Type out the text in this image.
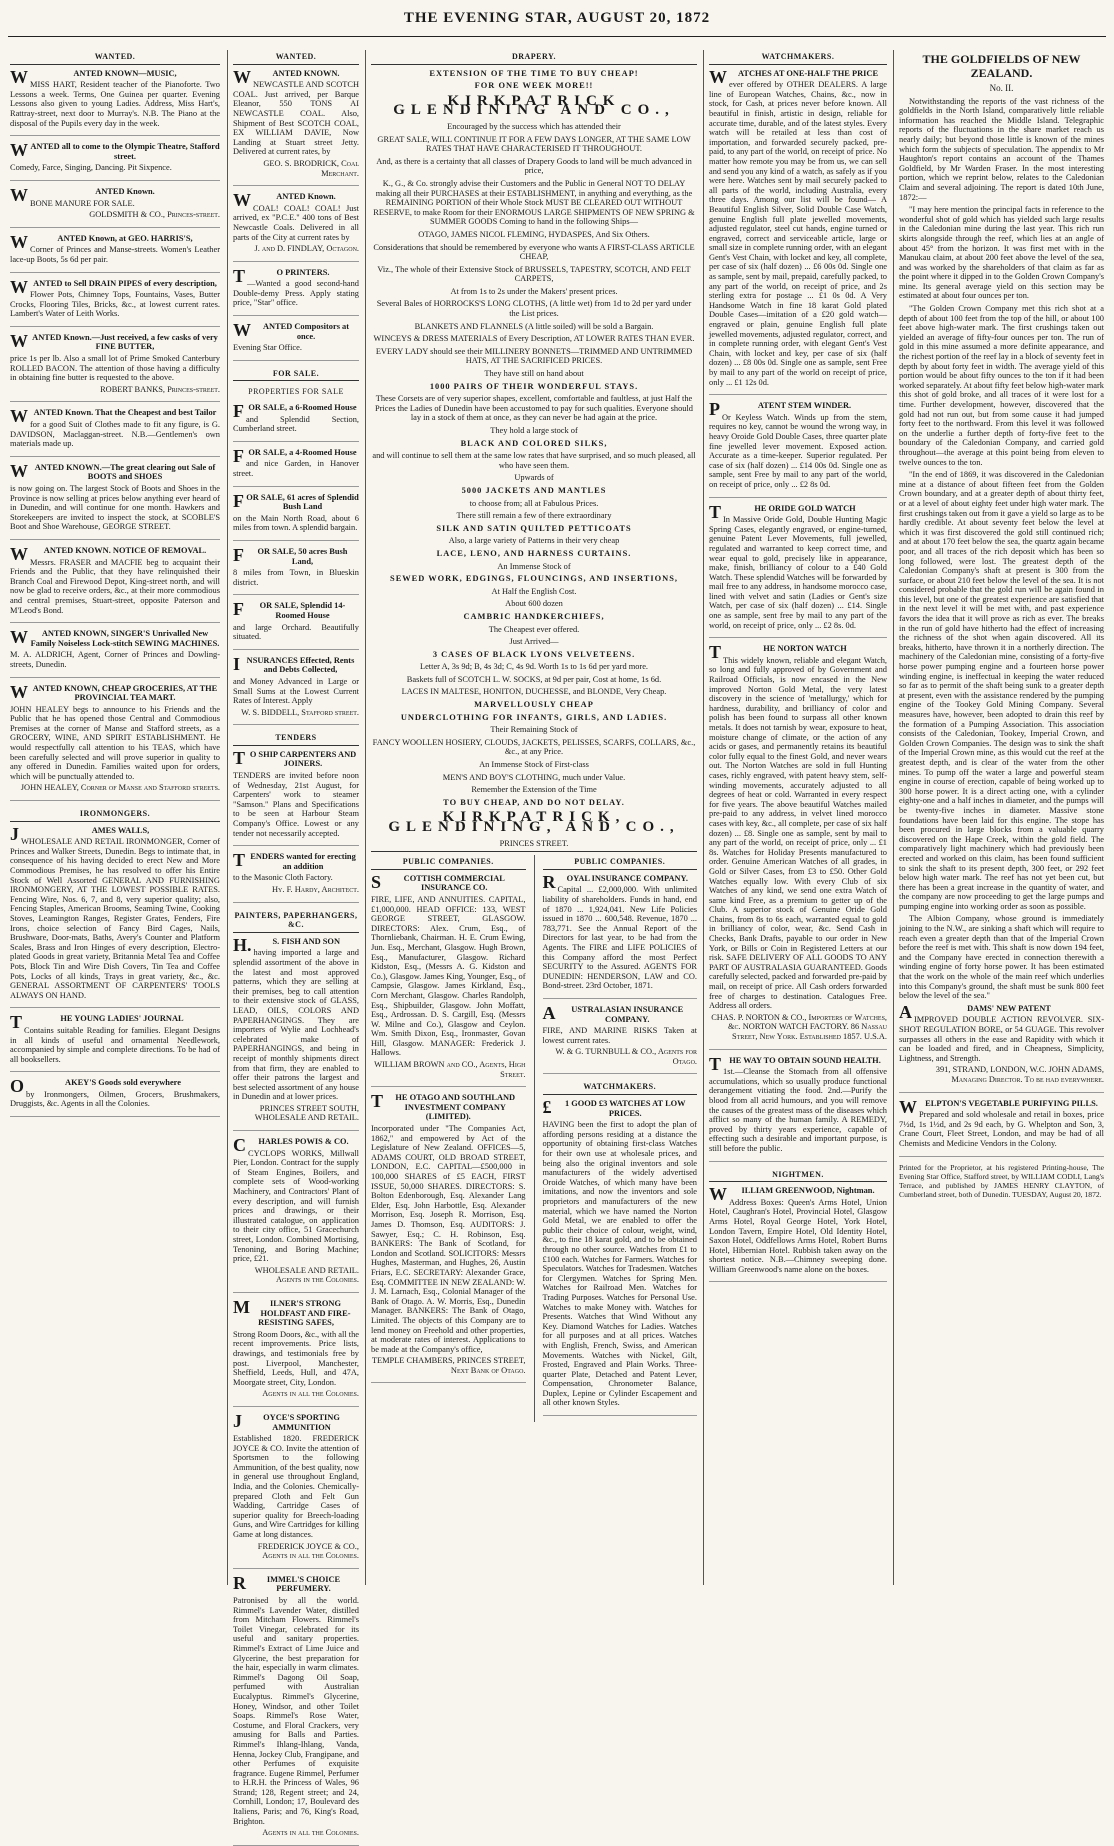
THE EVENING STAR, AUGUST 20, 1872
WANTED.

WANTED KNOWN—MUSIC,

MISS HART, Resident teacher of the Pianoforte. Two Lessons a week. Terms, One Guinea per quarter. Evening Lessons also given to young Ladies. Address, Miss Hart's, Rattray-street, next door to Murray's. N.B. The Piano at the disposal of the Pupils every day in the week.

WANTED all to come to the Olympic Theatre, Stafford street.

Comedy, Farce, Singing, Dancing. Pit Sixpence.

WANTED Known.

BONE MANURE FOR SALE.

GOLDSMITH & CO., Princes-street.

WANTED Known, at GEO. HARRIS'S,

Corner of Princes and Manse-streets. Women's Leather lace-up Boots, 5s 6d per pair.

WANTED to Sell DRAIN PIPES of every description,

Flower Pots, Chimney Tops, Fountains, Vases, Butter Crocks, Flooring Tiles, Bricks, &c., at lowest current rates. Lambert's Water of Leith Works.

WANTED Known.—Just received, a few casks of very FINE BUTTER,

price 1s per lb. Also a small lot of Prime Smoked Canterbury ROLLED BACON. The attention of those having a difficulty in obtaining fine butter is requested to the above.

ROBERT BANKS, Princes-street.

WANTED Known. That the Cheapest and best Tailor

for a good Suit of Clothes made to fit any figure, is G. DAVIDSON, Maclaggan-street. N.B.—Gentlemen's own materials made up.

WANTED KNOWN.—The great clearing out Sale of BOOTS and SHOES

is now going on. The largest Stock of Boots and Shoes in the Province is now selling at prices below anything ever heard of in Dunedin, and will continue for one month. Hawkers and Storekeepers are invited to inspect the stock, at SCOBLE'S Boot and Shoe Warehouse, GEORGE STREET.

WANTED KNOWN. NOTICE OF REMOVAL.

Messrs. FRASER and MACFIE beg to acquaint their Friends and the Public, that they have relinquished their Branch Coal and Firewood Depot, King-street north, and will now be glad to receive orders, &c., at their more commodious and central premises, Stuart-street, opposite Paterson and M'Leod's Bond.

WANTED KNOWN, SINGER'S Unrivalled New Family Noiseless Lock-stitch SEWING MACHINES.

M. A. ALDRICH, Agent, Corner of Princes and Dowling-streets, Dunedin.

WANTED KNOWN, CHEAP GROCERIES, AT THE PROVINCIAL TEA MART.

JOHN HEALEY begs to announce to his Friends and the Public that he has opened those Central and Commodious Premises at the corner of Manse and Stafford streets, as a GROCERY, WINE, AND SPIRIT ESTABLISHMENT. He would respectfully call attention to his TEAS, which have been carefully selected and will prove superior in quality to any offered in Dunedin. Families waited upon for orders, which will be punctually attended to.

JOHN HEALEY, Corner of Manse and Stafford streets.

IRONMONGERS.

JAMES WALLS,

WHOLESALE AND RETAIL IRONMONGER, Corner of Princes and Walker Streets, Dunedin. Begs to intimate that, in consequence of his having decided to erect New and More Commodious Premises, he has resolved to offer his Entire Stock of Well Assorted GENERAL AND FURNISHING IRONMONGERY, AT THE LOWEST POSSIBLE RATES. Fencing Wire, Nos. 6, 7, and 8, very superior quality; also, Fencing Staples, American Brooms, Seaming Twine, Cooking Stoves, Leamington Ranges, Register Grates, Fenders, Fire Irons, choice selection of Fancy Bird Cages, Nails, Brushware, Door-mats, Baths, Avery's Counter and Platform Scales, Brass and Iron Hinges of every description, Electro-plated Goods in great variety, Britannia Metal Tea and Coffee Pots, Block Tin and Wire Dish Covers, Tin Tea and Coffee Pots, Locks of all kinds, Trays in great variety, &c., &c. GENERAL ASSORTMENT OF CARPENTERS' TOOLS ALWAYS ON HAND.

THE YOUNG LADIES' JOURNAL

Contains suitable Reading for families. Elegant Designs in all kinds of useful and ornamental Needlework, accompanied by simple and complete directions. To be had of all booksellers.

OAKEY'S Goods sold everywhere

by Ironmongers, Oilmen, Grocers, Brushmakers, Druggists, &c. Agents in all the Colonies.

WANTED.

WANTED KNOWN.

NEWCASTLE AND SCOTCH COAL. Just arrived, per Barque Eleanor, 550 TONS AI NEWCASTLE COAL. Also, Shipment of Best SCOTCH COAL, EX WILLIAM DAVIE, Now Landing at Stuart street Jetty. Delivered at current rates, by

GEO. S. BRODRICK, Coal Merchant.

WANTED Known.

COAL! COAL! COAL! Just arrived, ex "P.C.E." 400 tons of Best Newcastle Coals. Delivered in all parts of the City at current rates by

J. and D. FINDLAY, Octagon.

TO PRINTERS.

—Wanted a good second-hand Double-demy Press. Apply stating price, "Star" office.

WANTED Compositors at once.

Evening Star Office.

FOR SALE.
PROPERTIES FOR SALE

FOR SALE, a 6-Roomed House

and Splendid Section, Cumberland street.

FOR SALE, a 4-Roomed House

and nice Garden, in Hanover street.

FOR SALE, 61 acres of Splendid Bush Land

on the Main North Road, about 6 miles from town. A splendid bargain.

FOR SALE, 50 acres Bush Land,

8 miles from Town, in Blueskin district.

FOR SALE, Splendid 14-Roomed House

and large Orchard. Beautifully situated.

INSURANCES Effected, Rents and Debts Collected,

and Money Advanced in Large or Small Sums at the Lowest Current Rates of Interest. Apply

W. S. BIDDELL, Stafford street.

TENDERS

TO SHIP CARPENTERS AND JOINERS.

TENDERS are invited before noon of Wednesday, 21st August, for Carpenters' work to steamer "Samson." Plans and Specifications to be seen at Harbour Steam Company's Office. Lowest or any tender not necessarily accepted.

TENDERS wanted for erecting an addition

to the Masonic Cloth Factory.

Hy. F. Hardy, Architect.

PAINTERS, PAPERHANGERS, &C.

H.S. FISH AND SON

having imported a large and splendid assortment of the above in the latest and most approved patterns, which they are selling at their premises, beg to call attention to their extensive stock of GLASS, LEAD, OILS, COLORS AND PAPERHANGINGS. They are importers of Wylie and Lochhead's celebrated make of PAPERHANGINGS, and being in receipt of monthly shipments direct from that firm, they are enabled to offer their patrons the largest and best selected assortment of any house in Dunedin and at lower prices.

PRINCES STREET SOUTH, WHOLESALE AND RETAIL.

CHARLES POWIS & CO.

CYCLOPS WORKS, Millwall Pier, London. Contract for the supply of Steam Engines, Boilers, and complete sets of Wood-working Machinery, and Contractors' Plant of every description, and will furnish prices and drawings, or their illustrated catalogue, on application to their city office, 51 Gracechurch street, London. Combined Mortising, Tenoning, and Boring Machine; price, £21.

WHOLESALE AND RETAIL. Agents in the Colonies.

MILNER'S STRONG HOLDFAST AND FIRE-RESISTING SAFES,

Strong Room Doors, &c., with all the recent improvements. Price lists, drawings, and testimonials free by post. Liverpool, Manchester, Sheffield, Leeds, Hull, and 47A, Moorgate street, City, London.

Agents in all the Colonies.

JOYCE'S SPORTING AMMUNITION

Established 1820. FREDERICK JOYCE & CO. Invite the attention of Sportsmen to the following Ammunition, of the best quality, now in general use throughout England, India, and the Colonies. Chemically-prepared Cloth and Felt Gun Wadding, Cartridge Cases of superior quality for Breech-loading Guns, and Wire Cartridges for killing Game at long distances.

FREDERICK JOYCE & CO., Agents in all the Colonies.

RIMMEL'S CHOICE PERFUMERY.

Patronised by all the world. Rimmel's Lavender Water, distilled from Mitcham Flowers. Rimmel's Toilet Vinegar, celebrated for its useful and sanitary properties. Rimmel's Extract of Lime Juice and Glycerine, the best preparation for the hair, especially in warm climates. Rimmel's Dagong Oil Soap, perfumed with Australian Eucalyptus. Rimmel's Glycerine, Honey, Windsor, and other Toilet Soaps. Rimmel's Rose Water, Costume, and Floral Crackers, very amusing for Balls and Parties. Rimmel's Ihlang-Ihlang, Vanda, Henna, Jockey Club, Frangipane, and other Perfumes of exquisite fragrance. Eugene Rimmel, Perfumer to H.R.H. the Princess of Wales, 96 Strand; 128, Regent street; and 24, Cornhill, London; 17, Boulevard des Italiens, Paris; and 76, King's Road, Brighton.

Agents in all the Colonies.

DRAPERY.

EXTENSION OF THE TIME TO BUY CHEAP!

FOR ONE WEEK MORE!!

KIRKPATRICK GLENDINING AND CO.,

Encouraged by the success which has attended their

GREAT SALE, WILL CONTINUE IT FOR A FEW DAYS LONGER, AT THE SAME LOW RATES THAT HAVE CHARACTERISED IT THROUGHOUT.

And, as there is a certainty that all classes of Drapery Goods to land will be much advanced in price,

K., G., & Co. strongly advise their Customers and the Public in General NOT TO DELAY making all their PURCHASES at their ESTABLISHMENT, in anything and everything, as the REMAINING PORTION of their Whole Stock MUST BE CLEARED OUT WITHOUT RESERVE, to make Room for their ENORMOUS LARGE SHIPMENTS OF NEW SPRING & SUMMER GOODS Coming to hand in the following Ships—

OTAGO, JAMES NICOL FLEMING, HYDASPES, And Six Others.

Considerations that should be remembered by everyone who wants A FIRST-CLASS ARTICLE CHEAP,

Viz., The whole of their Extensive Stock of BRUSSELS, TAPESTRY, SCOTCH, AND FELT CARPETS,

At from 1s to 2s under the Makers' present prices.

Several Bales of HORROCKS'S LONG CLOTHS, (A little wet) from 1d to 2d per yard under the List prices.

BLANKETS AND FLANNELS (A little soiled) will be sold a Bargain.

WINCEYS & DRESS MATERIALS of Every Description, AT LOWER RATES THAN EVER.

EVERY LADY should see their MILLINERY BONNETS—TRIMMED AND UNTRIMMED HATS, AT THE SACRIFICED PRICES.

They have still on hand about

1000 PAIRS OF THEIR WONDERFUL STAYS.

These Corsets are of very superior shapes, excellent, comfortable and faultless, at just Half the Prices the Ladies of Dunedin have been accustomed to pay for such qualities. Everyone should lay in a stock of them at once, as they can never be had again at the price.

They hold a large stock of

BLACK AND COLORED SILKS,

and will continue to sell them at the same low rates that have surprised, and so much pleased, all who have seen them.

Upwards of

5000 JACKETS AND MANTLES

to choose from; all at Fabulous Prices.

There still remain a few of there extraordinary

SILK AND SATIN QUILTED PETTICOATS

Also, a large variety of Patterns in their very cheap

LACE, LENO, AND HARNESS CURTAINS.

An Immense Stock of

SEWED WORK, EDGINGS, FLOUNCINGS, AND INSERTIONS,

At Half the English Cost.

About 600 dozen

CAMBRIC HANDKERCHIEFS,

The Cheapest ever offered.

Just Arrived—

3 CASES OF BLACK LYONS VELVETEENS.

Letter A, 3s 9d; B, 4s 3d; C, 4s 9d. Worth 1s to 1s 6d per yard more.

Baskets full of SCOTCH L. W. SOCKS, at 9d per pair, Cost at home, 1s 6d.

LACES IN MALTESE, HONITON, DUCHESSE, and BLONDE, Very Cheap.

MARVELLOUSLY CHEAP

UNDERCLOTHING FOR INFANTS, GIRLS, AND LADIES.

Their Remaining Stock of

FANCY WOOLLEN HOSIERY, CLOUDS, JACKETS, PELISSES, SCARFS, COLLARS, &c., &c., at any Price.

An Immense Stock of First-class

MEN'S AND BOY'S CLOTHING, much under Value.

Remember the Extension of the Time

TO BUY CHEAP, AND DO NOT DELAY.

KIRKPATRICK, GLENDINING, AND CO.,

PRINCES STREET.

PUBLIC COMPANIES.

SCOTTISH COMMERCIAL INSURANCE CO.

FIRE, LIFE, AND ANNUITIES. CAPITAL, £1,000,000. HEAD OFFICE: 133, WEST GEORGE STREET, GLASGOW. DIRECTORS: Alex. Crum, Esq., of Thornliebank, Chairman. H. E. Crum Ewing, Jun. Esq., Merchant, Glasgow. Hugh Brown, Esq., Manufacturer, Glasgow. Richard Kidston, Esq., (Messrs A. G. Kidston and Co.), Glasgow. James King, Younger, Esq., of Campsie, Glasgow. James Kirkland, Esq., Corn Merchant, Glasgow. Charles Randolph, Esq., Shipbuilder, Glasgow. John Moffatt, Esq., Ardrossan. D. S. Cargill, Esq. (Messrs W. Milne and Co.), Glasgow and Ceylon. Wm. Smith Dixon, Esq., Ironmaster, Govan Hill, Glasgow. MANAGER: Frederick J. Hallows.

WILLIAM BROWN and CO., Agents, High Street.

THE OTAGO AND SOUTHLAND INVESTMENT COMPANY (LIMITED).

Incorporated under "The Companies Act, 1862," and empowered by Act of the Legislature of New Zealand. OFFICES—5, ADAMS COURT, OLD BROAD STREET, LONDON, E.C. CAPITAL—£500,000 in 100,000 SHARES of £5 EACH, FIRST ISSUE, 50,000 SHARES. DIRECTORS: S. Bolton Edenborough, Esq. Alexander Lang Elder, Esq. John Harbottle, Esq. Alexander Morrison, Esq. Joseph R. Morrison, Esq. James D. Thomson, Esq. AUDITORS: J. Sawyer, Esq.; C. H. Robinson, Esq. BANKERS: The Bank of Scotland, for London and Scotland. SOLICITORS: Messrs Hughes, Masterman, and Hughes, 26, Austin Friars, E.C. SECRETARY: Alexander Grace, Esq. COMMITTEE IN NEW ZEALAND: W. J. M. Larnach, Esq., Colonial Manager of the Bank of Otago. A. W. Morris, Esq., Dunedin Manager. BANKERS: The Bank of Otago, Limited. The objects of this Company are to lend money on Freehold and other properties, at moderate rates of interest. Applications to be made at the Company's office,

TEMPLE CHAMBERS, PRINCES STREET, Next Bank of Otago.

PUBLIC COMPANIES.

ROYAL INSURANCE COMPANY.

Capital ... £2,000,000. With unlimited liability of shareholders. Funds in hand, end of 1870 ... 1,924,041. New Life Policies issued in 1870 ... 600,548. Revenue, 1870 ... 783,771. See the Annual Report of the Directors for last year, to be had from the Agents. The FIRE and LIFE POLICIES of this Company afford the most Perfect SECURITY to the Assured. AGENTS FOR DUNEDIN: HENDERSON, LAW and CO. Bond-street. 23rd October, 1871.

AUSTRALASIAN INSURANCE COMPANY.

FIRE, AND MARINE RISKS Taken at lowest current rates.

W. & G. TURNBULL & CO., Agents for Otago.

WATCHMAKERS.

£1 GOOD £3 WATCHES AT LOW PRICES.

HAVING been the first to adopt the plan of affording persons residing at a distance the opportunity of obtaining first-class Watches for their own use at wholesale prices, and being also the original inventors and sole manufacturers of the widely advertised Oroide Watches, of which many have been imitations, and now the inventors and sole proprietors and manufacturers of the new material, which we have named the Norton Gold Metal, we are enabled to offer the public their choice of colour, weight, wind, &c., to fine 18 karat gold, and to be obtained through no other source. Watches from £1 to £100 each. Watches for Farmers. Watches for Speculators. Watches for Tradesmen. Watches for Clergymen. Watches for Spring Men. Watches for Railroad Men. Watches for Trading Purposes. Watches for Personal Use. Watches to make Money with. Watches for Presents. Watches that Wind Without any Key. Diamond Watches for Ladies. Watches for all purposes and at all prices. Watches with English, French, Swiss, and American Movements. Watches with Nickel, Gilt, Frosted, Engraved and Plain Works. Three-quarter Plate, Detached and Patent Lever, Compensation, Chronometer Balance, Duplex, Lepine or Cylinder Escapement and all other known Styles.

WATCHMAKERS.

WATCHES AT ONE-HALF THE PRICE

ever offered by OTHER DEALERS. A large line of European Watches, Chains, &c., now in stock, for Cash, at prices never before known. All beautiful in finish, artistic in design, reliable for accurate time, durable, and of the latest styles. Every watch will be retailed at less than cost of importation, and forwarded securely packed, pre-paid, to any part of the world, on receipt of price. No matter how remote you may be from us, we can sell and send you any kind of a watch, as safely as if you were here. Watches sent by mail securely packed to all parts of the world, including Australia, every three days. Among our list will be found— A Beautiful English Silver, Solid Double Case Watch, genuine English full plate jewelled movements, adjusted regulator, steel cut hands, engine turned or engraved, correct and serviceable article, large or small size in complete running order, with an elegant Gent's Vest Chain, with locket and key, all complete, per case of six (half dozen) ... £6 00s 0d. Single one as sample, sent by mail, prepaid, carefully packed, to any part of the world, on receipt of price, and 2s sterling extra for postage ... £1 0s 0d. A Very Handsome Watch in fine 18 karat Gold plated Double Cases—imitation of a £20 gold watch—engraved or plain, genuine English full plate jewelled movements, adjusted regulator, correct, and in complete running order, with elegant Gent's Vest Chain, with locket and key, per case of six (half dozen) ... £8 00s 0d. Single one as sample, sent Free by mail to any part of the world on receipt of price, only ... £1 12s 0d.

PATENT STEM WINDER.

Or Keyless Watch. Winds up from the stem, requires no key, cannot be wound the wrong way, in heavy Oroide Gold Double Cases, three quarter plate fine jewelled lever movement. Exposed action. Accurate as a time-keeper. Superior regulated. Per case of six (half dozen) ... £14 00s 0d. Single one as sample, sent Free by mail to any part of the world, on receipt of price, only ... £2 8s 0d.

THE ORIDE GOLD WATCH

In Massive Oride Gold, Double Hunting Magic Spring Cases, elegantly engraved, or engine-turned, genuine Patent Lever Movements, full jewelled, regulated and warranted to keep correct time, and wear equal to gold, precisely like in appearance, make, finish, brilliancy of colour to a £40 Gold Watch. These splendid Watches will be forwarded by mail free to any address, in handsome morocco case, lined with velvet and satin (Ladies or Gent's size Watch, per case of six (half dozen) ... £14. Single one as sample, sent free by mail to any part of the world, on receipt of price, only ... £2 8s. 0d.

THE NORTON WATCH

This widely known, reliable and elegant Watch, so long and fully approved of by Government and Railroad Officials, is now encased in the New improved Norton Gold Metal, the very latest discovery in the science of 'metallurgy,' which for hardness, durability, and brilliancy of color and polish has been found to surpass all other known metals. It does not tarnish by wear, exposure to heat, moisture change of climate, or the action of any acids or gases, and permanently retains its beautiful color fully equal to the finest Gold, and never wears out. The Norton Watches are sold in full Hunting cases, richly engraved, with patent heavy stem, self-winding movements, accurately adjusted to all degrees of heat or cold. Warranted in every respect for five years. The above beautiful Watches mailed pre-paid to any address, in velvet lined morocco cases with key, &c., all complete, per case of six half dozen) ... £8. Single one as sample, sent by mail to any part of the world, on receipt of price, only ... £1 8s. Watches for Holiday Presents manufactured to order. Genuine American Watches of all grades, in Gold or Silver Cases, from £3 to £50. Other Gold Watches equally low. With every Club of six Watches of any kind, we send one extra Watch of same kind Free, as a premium to getter up of the Club. A superior stock of Genuine Oride Gold Chains, from 8s to 6s each, warranted equal to gold in brilliancy of color, wear, &c. Send Cash in Checks, Bank Drafts, payable to our order in New York, or Bills or Coin in Registered Letters at our risk. SAFE DELIVERY OF ALL GOODS TO ANY PART OF AUSTRALASIA GUARANTEED. Goods carefully selected, packed and forwarded pre-paid by mail, on receipt of price. All Cash orders forwarded free of charges to destination. Catalogues Free. Address all orders.

CHAS. P. NORTON & CO., Importers of Watches, &c. NORTON WATCH FACTORY. 86 Nassau Street, New York. Established 1857. U.S.A.

THE WAY TO OBTAIN SOUND HEALTH.

1st.—Cleanse the Stomach from all offensive accumulations, which so usually produce functional derangement vitiating the food. 2nd.—Purify the blood from all acrid humours, and you will remove the causes of the greatest mass of the diseases which afflict so many of the human family. A REMEDY, proved by thirty years experience, capable of effecting such a desirable and important purpose, is still before the public.

NIGHTMEN.

WILLIAM GREENWOOD, Nightman.

Address Boxes: Queen's Arms Hotel, Union Hotel, Caughran's Hotel, Provincial Hotel, Glasgow Arms Hotel, Royal George Hotel, York Hotel, London Tavern, Empire Hotel, Old Identity Hotel, Saxon Hotel, Oddfellows Arms Hotel, Robert Burns Hotel, Hibernian Hotel. Rubbish taken away on the shortest notice. N.B.—Chimney sweeping done. William Greenwood's name alone on the boxes.

THE GOLDFIELDS OF NEW ZEALAND.
No. II.

Notwithstanding the reports of the vast richness of the goldfields in the North Island, comparatively little reliable information has reached the Middle Island. Telegraphic reports of the fluctuations in the share market reach us nearly daily; but beyond those little is known of the mines which form the subjects of speculation. The appendix to Mr Haughton's report contains an account of the Thames Goldfield, by Mr Warden Fraser. In the most interesting portion, which we reprint below, relates to the Caledonian Claim and several adjoining. The report is dated 10th June, 1872:—

"I may here mention the principal facts in reference to the wonderful shot of gold which has yielded such large results in the Caledonian mine during the last year. This rich run skirts alongside through the reef, which lies at an angle of about 45° from the horizon. It was first met with in the Manukau claim, at about 200 feet above the level of the sea, and was worked by the shareholders of that claim as far as the point where it dipped in to the Golden Crown Company's mine. Its general average yield on this section may be estimated at about four ounces per ton.

"The Golden Crown Company met this rich shot at a depth of about 100 feet from the top of the hill, or about 100 feet above high-water mark. The first crushings taken out yielded an average of fifty-four ounces per ton. The run of gold in this mine assumed a more definite appearance, and the richest portion of the reef lay in a block of seventy feet in depth by about forty feet in width. The average yield of this portion would be about fifty ounces to the ton if it had been worked separately. At about fifty feet below high-water mark this shot of gold broke, and all traces of it were lost for a time. Further development, however, discovered that the gold had not run out, but from some cause it had jumped forty feet to the northward. From this level it was followed on the underlie a further depth of forty-five feet to the boundary of the Caledonian Company, and carried gold throughout—the average at this point being from eleven to twelve ounces to the ton.

"In the end of 1869, it was discovered in the Caledonian mine at a distance of about fifteen feet from the Golden Crown boundary, and at a greater depth of about thirty feet, or at a level of about eighty feet under high water mark. The first crushings taken out from it gave a yield so large as to be hardly credible. At about seventy feet below the level at which it was first discovered the gold still continued rich; and at about 170 feet below the sea, the quartz again became poor, and all traces of the rich deposit which has been so long followed, were lost. The greatest depth of the Caledonian Company's shaft at present is 300 from the surface, or about 210 feet below the level of the sea. It is not considered probable that the gold run will be again found in this level, but one of the greatest experience are satisfied that in the next level it will be met with, and past experience favors the idea that it will prove as rich as ever. The breaks in the run of gold have hitherto had the effect of increasing the richness of the shot when again discovered. All its breaks, hitherto, have thrown it in a northerly direction. The machinery of the Caledonian mine, consisting of a forty-five horse power pumping engine and a fourteen horse power winding engine, is ineffectual in keeping the water reduced so far as to permit of the shaft being sunk to a greater depth at present, even with the assistance rendered by the pumping engine of the Tookey Gold Mining Company. Several measures have, however, been adopted to drain this reef by the formation of a Pumping Association. This association consists of the Caledonian, Tookey, Imperial Crown, and Golden Crown Companies. The design was to sink the shaft of the Imperial Crown mine, as this would cut the reef at the greatest depth, and is clear of the water from the other mines. To pump off the water a large and powerful steam engine in course of erection, capable of being worked up to 300 horse power. It is a direct acting one, with a cylinder eighty-one and a half inches in diameter, and the pumps will be twenty-five inches in diameter. Massive stone foundations have been laid for this engine. The stope has been procured in large blocks from a valuable quarry discovered on the Hape Creek, within the gold field. The comparatively light machinery which had previously been erected and worked on this claim, has been found sufficient to sink the shaft to its present depth, 300 feet, or 292 feet below high water mark. The reef has not yet been cut, but there has been a great increase in the quantity of water, and the company are now proceeding to get the large pumps and pumping engine into working order as soon as possible.

The Albion Company, whose ground is immediately joining to the N.W., are sinking a shaft which will require to reach even a greater depth than that of the Imperial Crown before the reef is met with. This shaft is now down 194 feet, and the Company have erected in connection therewith a winding engine of forty horse power. It has been estimated that the work on the whole of the main reef which underlies into this Company's ground, the shaft must be sunk 800 feet below the level of the sea."

ADAMS' NEW PATENT

IMPROVED DOUBLE ACTION REVOLVER. SIX-SHOT REGULATION BORE, or 54 GUAGE. This revolver surpasses all others in the ease and Rapidity with which it can be loaded and fired, and in Cheapness, Simplicity, Lightness, and Strength.

391, STRAND, LONDON, W.C. JOHN ADAMS, Managing Director. To be had everywhere.

WELPTON'S VEGETABLE PURIFYING PILLS.

Prepared and sold wholesale and retail in boxes, price 7½d, 1s 1½d, and 2s 9d each, by G. Whelpton and Son, 3, Crane Court, Fleet Street, London, and may be had of all Chemists and Medicine Vendors in the Colony.

Printed for the Proprietor, at his registered Printing-house, The Evening Star Office, Stafford street, by WILLIAM CODLI, Lang's Terrace, and published by JAMES HENRY CLAYTON, of Cumberland street, both of Dunedin. TUESDAY, August 20, 1872.
